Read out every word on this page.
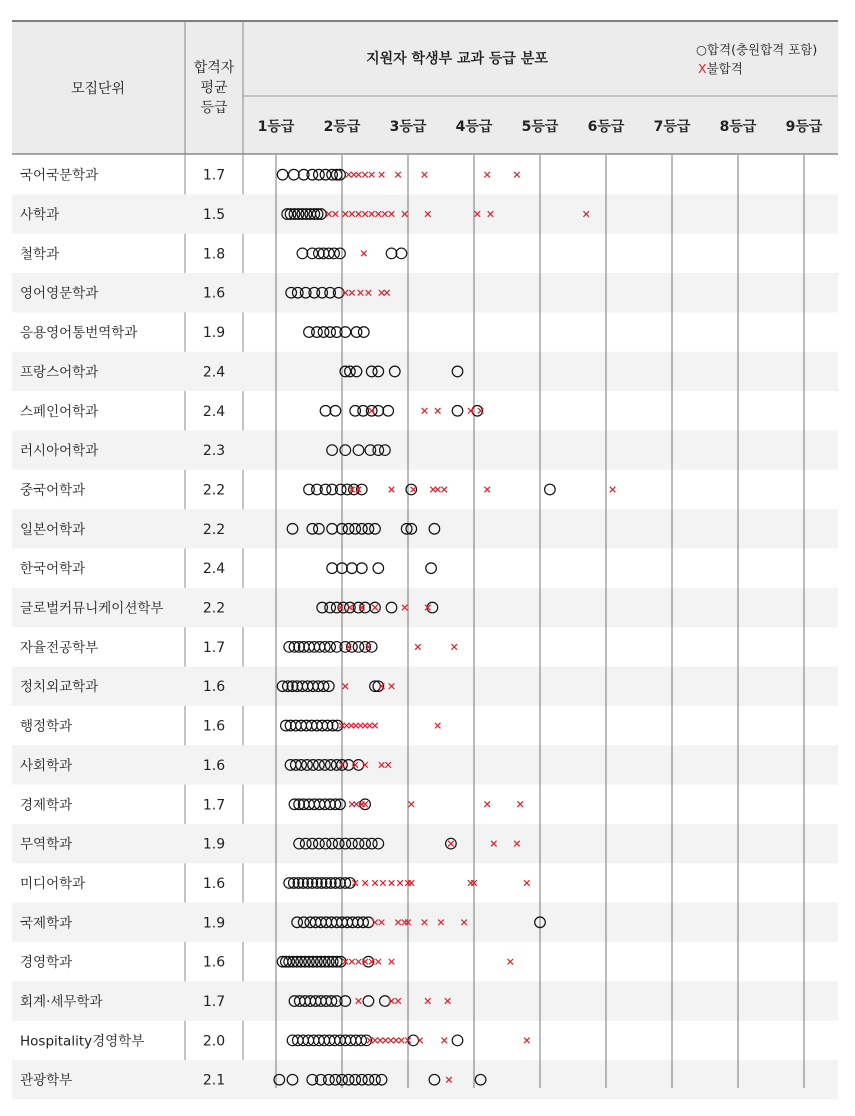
모집단위
합격자
평균
등급
지원자 학생부 교과 등급 분포
○합격(충원합격 포함)
X불합격
1등급 2등급 3등급 4등급 5등급 6등급 7등급 8등급 9등급
국어국문학과	1.7
사학과	1.5
철학과	1.8
영어영문학과	1.6
응용영어통번역학과	1.9
프랑스어학과	2.4
스페인어학과	2.4
러시아어학과	2.3
중국어학과	2.2
일본어학과	2.2
한국어학과	2.4
글로벌커뮤니케이션학부	2.2
자율전공학부	1.7
정치외교학과	1.6
행정학과	1.6
사회학과	1.6
경제학과	1.7
무역학과	1.9
미디어학과	1.6
국제학과	1.9
경영학과	1.6
회계·세무학과	1.7
Hospitality경영학부	2.0
관광학부	2.1
